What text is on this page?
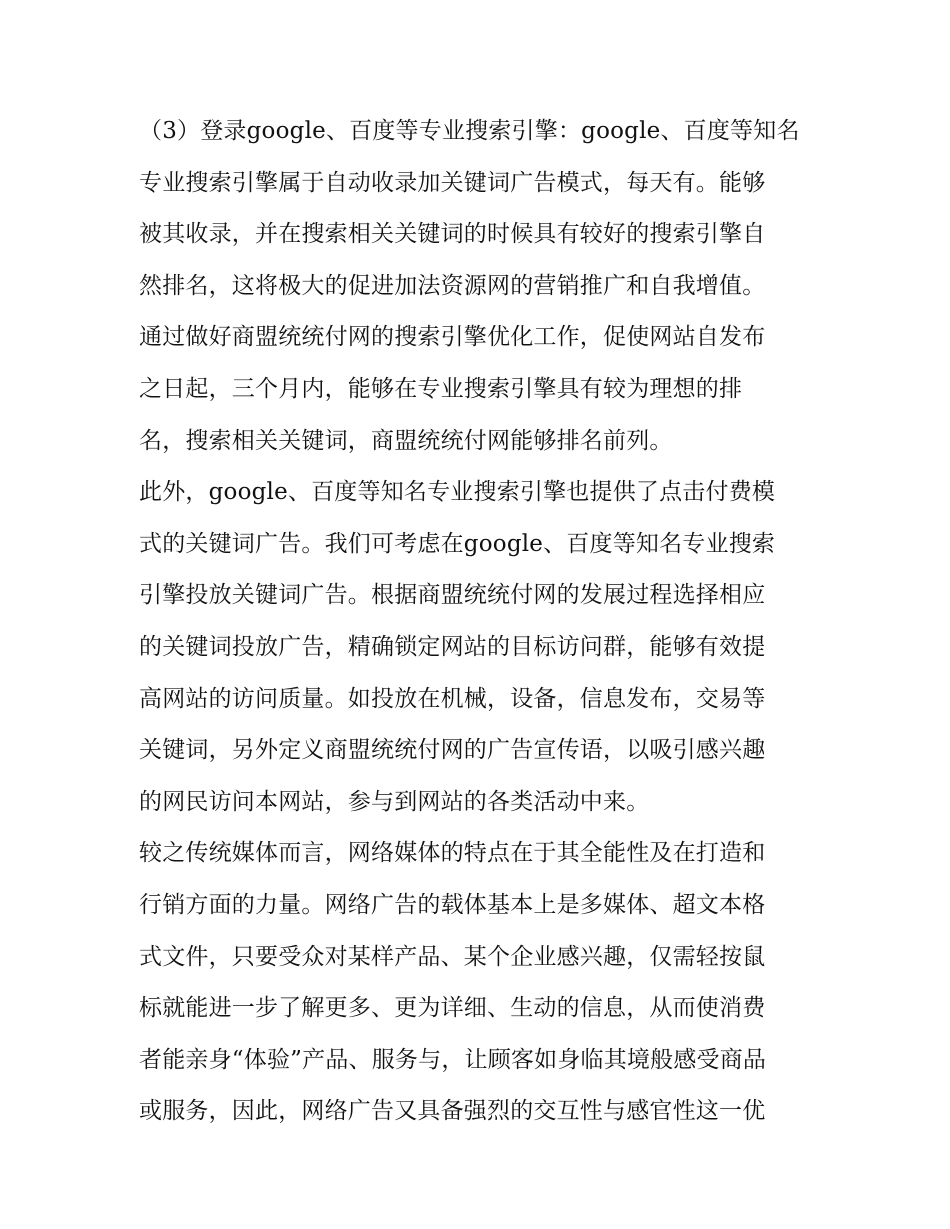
（3）登录google、百度等专业搜索引擎：google、百度等知名
专业搜索引擎属于自动收录加关键词广告模式，每天有。能够
被其收录，并在搜索相关关键词的时候具有较好的搜索引擎自
然排名，这将极大的促进加法资源网的营销推广和自我增值。
通过做好商盟统统付网的搜索引擎优化工作，促使网站自发布
之日起，三个月内，能够在专业搜索引擎具有较为理想的排
名，搜索相关关键词，商盟统统付网能够排名前列。
此外，google、百度等知名专业搜索引擎也提供了点击付费模
式的关键词广告。我们可考虑在google、百度等知名专业搜索
引擎投放关键词广告。根据商盟统统付网的发展过程选择相应
的关键词投放广告，精确锁定网站的目标访问群，能够有效提
高网站的访问质量。如投放在机械，设备，信息发布，交易等
关键词，另外定义商盟统统付网的广告宣传语，以吸引感兴趣
的网民访问本网站，参与到网站的各类活动中来。
较之传统媒体而言，网络媒体的特点在于其全能性及在打造和
行销方面的力量。网络广告的载体基本上是多媒体、超文本格
式文件，只要受众对某样产品、某个企业感兴趣，仅需轻按鼠
标就能进一步了解更多、更为详细、生动的信息，从而使消费
者能亲身“体验”产品、服务与，让顾客如身临其境般感受商品
或服务，因此，网络广告又具备强烈的交互性与感官性这一优
